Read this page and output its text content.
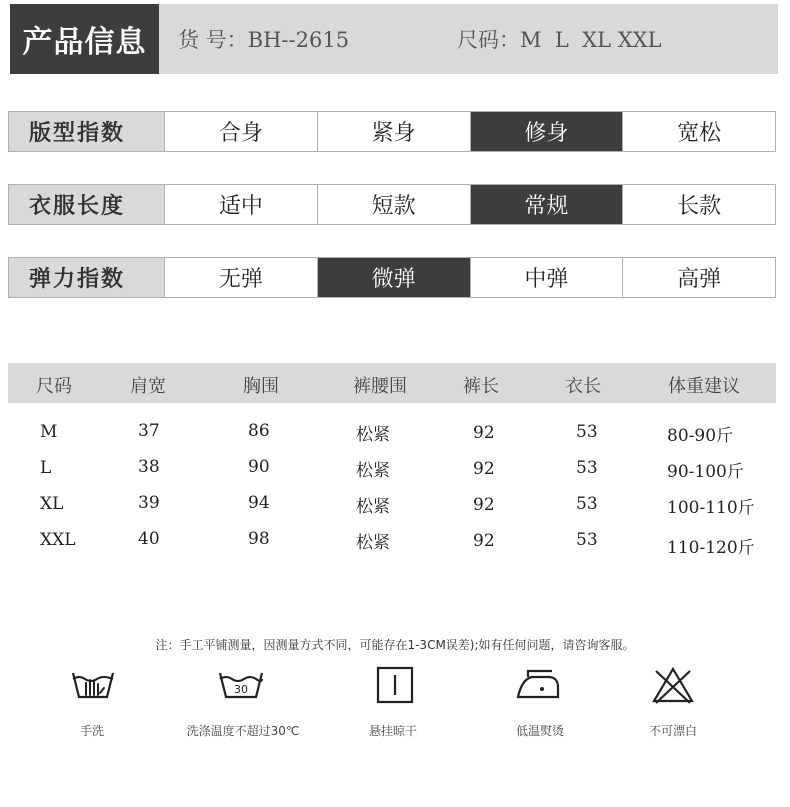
产品信息	货 号：BH--2615	尺码：M  L  XL XXL
版型指数	合身	紧身	修身	宽松
衣服长度	适中	短款	常规	长款
弹力指数	无弹	微弹	中弹	高弹
尺码	肩宽	胸围	裤腰围	裤长	衣长	体重建议
M	37	86	松紧	92	53	80-90斤
L	38	90	松紧	92	53	90-100斤
XL	39	94	松紧	92	53	100-110斤
XXL	40	98	松紧	92	53	110-120斤
注：手工平铺测量，因测量方式不同，可能存在1-3CM误差);如有任何问题，请咨询客服。
手洗
30
洗涤温度不超过30℃	悬挂晾干	低温熨烫	不可漂白
